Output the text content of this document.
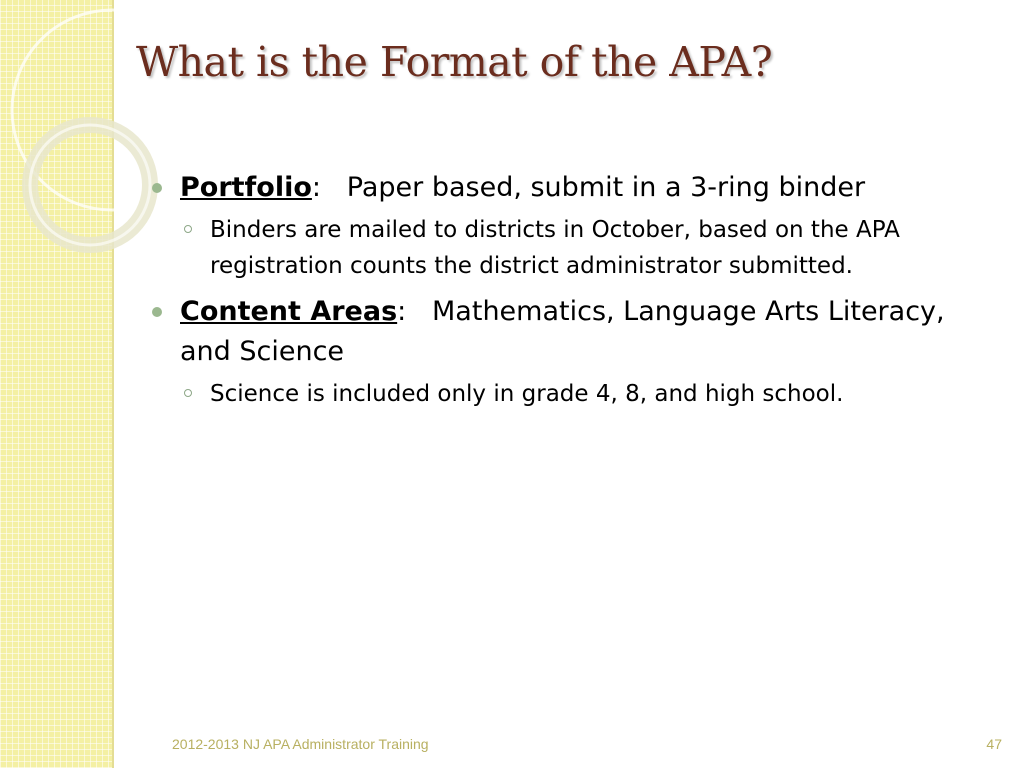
What is the Format of the APA?
Portfolio: Paper based, submit in a 3-ring binder
Binders are mailed to districts in October, based on the APA registration counts the district administrator submitted.
Content Areas: Mathematics, Language Arts Literacy, and Science
Science is included only in grade 4, 8, and high school.
2012-2013 NJ APA Administrator Training	47
